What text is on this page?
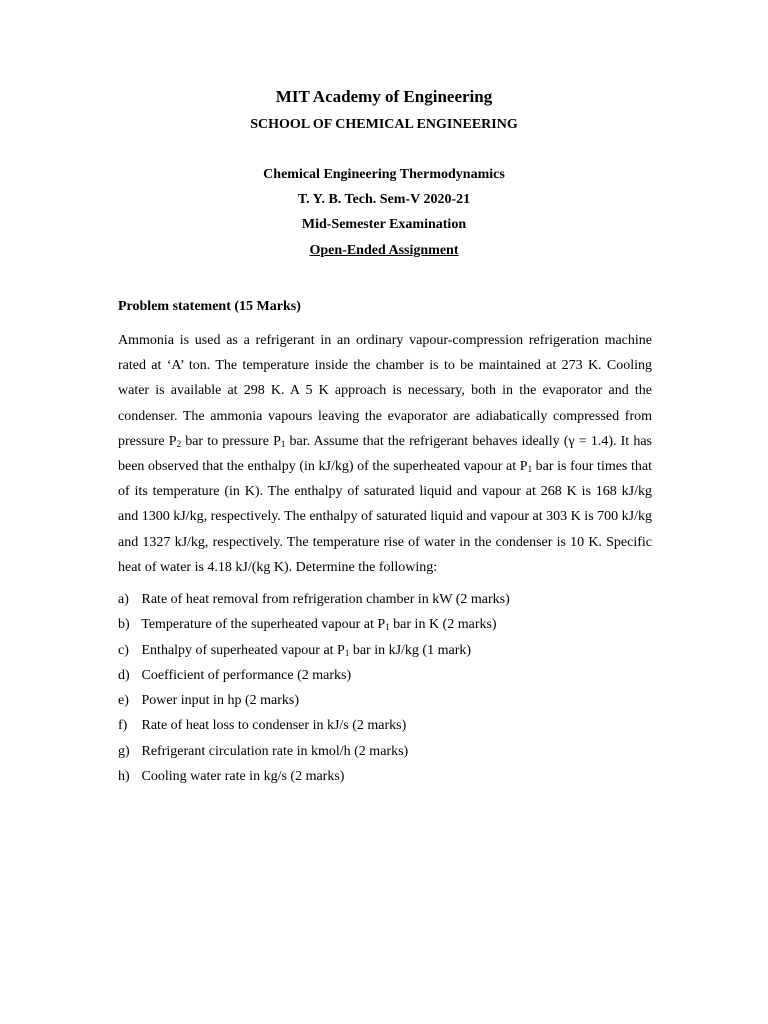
MIT Academy of Engineering
SCHOOL OF CHEMICAL ENGINEERING
Chemical Engineering Thermodynamics
T. Y. B. Tech. Sem-V 2020-21
Mid-Semester Examination
Open-Ended Assignment
Problem statement (15 Marks)

Ammonia is used as a refrigerant in an ordinary vapour-compression refrigeration machine rated at ‘A’ ton. The temperature inside the chamber is to be maintained at 273 K. Cooling water is available at 298 K. A 5 K approach is necessary, both in the evaporator and the condenser. The ammonia vapours leaving the evaporator are adiabatically compressed from pressure $P_2$ bar to pressure $P_1$ bar. Assume that the refrigerant behaves ideally (γ = 1.4). It has been observed that the enthalpy (in kJ/kg) of the superheated vapour at $P_1$ bar is four times that of its temperature (in K). The enthalpy of saturated liquid and vapour at 268 K is 168 kJ/kg and 1300 kJ/kg, respectively. The enthalpy of saturated liquid and vapour at 303 K is 700 kJ/kg and 1327 kJ/kg, respectively. The temperature rise of water in the condenser is 10 K. Specific heat of water is 4.18 kJ/(kg K). Determine the following:

a) Rate of heat removal from refrigeration chamber in kW (2 marks)
b) Temperature of the superheated vapour at $P_1$ bar in K (2 marks)
c) Enthalpy of superheated vapour at $P_1$ bar in kJ/kg (1 mark)
d) Coefficient of performance (2 marks)
e) Power input in hp (2 marks)
f) Rate of heat loss to condenser in kJ/s (2 marks)
g) Refrigerant circulation rate in kmol/h (2 marks)
h) Cooling water rate in kg/s (2 marks)
